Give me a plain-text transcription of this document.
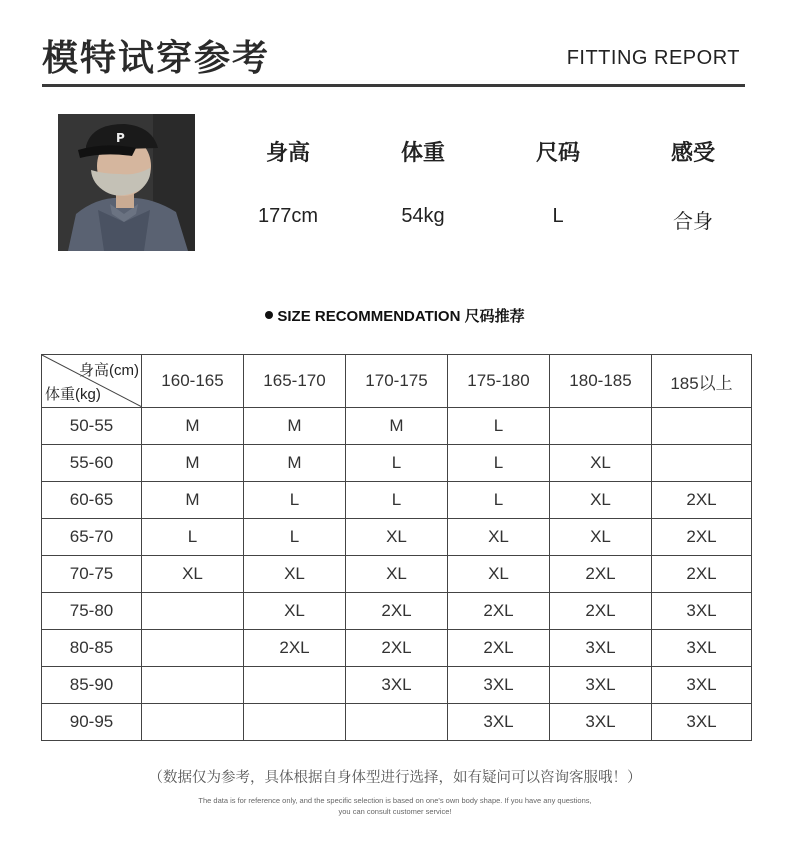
模特试穿参考	FITTING REPORT
P
身高	体重	尺码	感受
177cm	54kg	L	合身
SIZE RECOMMENDATION 尺码推荐
身高(cm)
体重(kg)	160-165	165-170	170-175	175-180	180-185	185以上
50-55	M	M	M	L		
55-60	M	M	L	L	XL	
60-65	M	L	L	L	XL	2XL
65-70	L	L	XL	XL	XL	2XL
70-75	XL	XL	XL	XL	2XL	2XL
75-80		XL	2XL	2XL	2XL	3XL
80-85		2XL	2XL	2XL	3XL	3XL
85-90			3XL	3XL	3XL	3XL
90-95				3XL	3XL	3XL
（数据仅为参考，具体根据自身体型进行选择，如有疑问可以咨询客服哦！）
The data is for reference only, and the specific selection is based on one's own body shape. If you have any questions,
you can consult customer service!
